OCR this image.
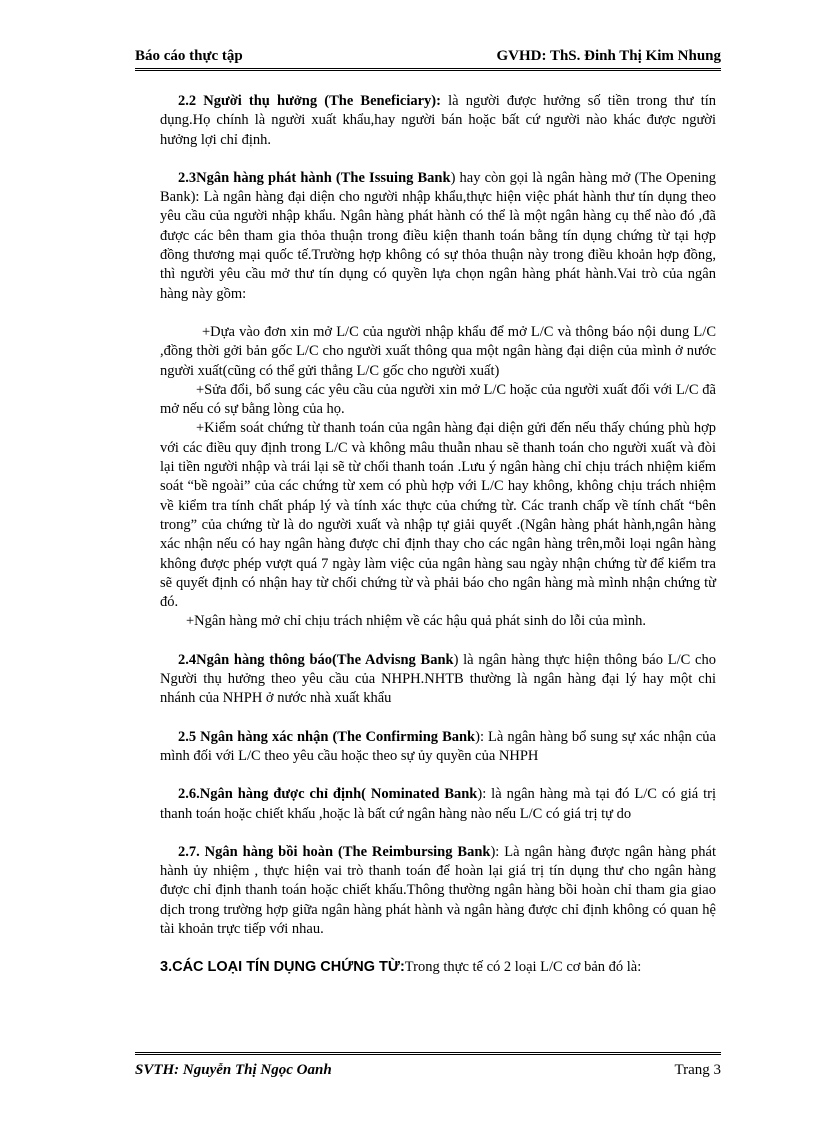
Báo cáo thực tập	GVHD: ThS. Đinh Thị Kim Nhung

2.2 Người thụ hưởng (The Beneficiary): là người được hưởng số tiền trong thư tín dụng.Họ chính là người xuất khẩu,hay người bán hoặc bất cứ người nào khác được người hưởng lợi chỉ định.

2.3Ngân hàng phát hành (The Issuing Bank) hay còn gọi là ngân hàng mở (The Opening Bank): Là ngân hàng đại diện cho người nhập khẩu,thực hiện việc phát hành thư tín dụng theo yêu cầu của người nhập khẩu. Ngân hàng phát hành có thể là một ngân hàng cụ thể nào đó ,đã được các bên tham gia thỏa thuận trong điều kiện thanh toán bằng tín dụng chứng từ tại hợp đồng thương mại quốc tế.Trường hợp không có sự thỏa thuận này trong điều khoản hợp đồng, thì người yêu cầu mở thư tín dụng có quyền lựa chọn ngân hàng phát hành.Vai trò của ngân hàng này gồm:

+Dựa vào đơn xin mở L/C của người nhập khẩu để mở L/C và thông báo nội dung L/C ,đồng thời gởi bản gốc L/C cho người xuất thông qua một ngân hàng đại diện của mình ở nước người xuất(cũng có thể gửi thẳng L/C gốc cho người xuất)

+Sửa đổi, bổ sung các yêu cầu của người xin mở L/C hoặc của người xuất đối với L/C đã mở nếu có sự bằng lòng của họ.

+Kiểm soát chứng từ thanh toán của ngân hàng đại diện gửi đến nếu thấy chúng phù hợp với các điều quy định trong L/C và không mâu thuẫn nhau sẽ thanh toán cho người xuất và đòi lại tiền người nhập và trái lại sẽ từ chối thanh toán .Lưu ý ngân hàng chỉ chịu trách nhiệm kiểm soát “bề ngoài” của các chứng từ xem có phù hợp với L/C hay không, không chịu trách nhiệm về kiểm tra tính chất pháp lý và tính xác thực của chứng từ. Các tranh chấp về tính chất “bên trong” của chứng từ là do người xuất và nhập tự giải quyết .(Ngân hàng phát hành,ngân hàng xác nhận nếu có hay ngân hàng được chỉ định thay cho các ngân hàng trên,mỗi loại ngân hàng không được phép vượt quá 7 ngày làm việc của ngân hàng sau ngày nhận chứng từ để kiểm tra sẽ quyết định có nhận hay từ chối chứng từ và phải báo cho ngân hàng mà mình nhận chứng từ đó.

+Ngân hàng mở chỉ chịu trách nhiệm về các hậu quả phát sinh do lỗi của mình.

2.4Ngân hàng thông báo(The Advisng Bank) là ngân hàng thực hiện thông báo L/C cho Người thụ hưởng theo yêu cầu của NHPH.NHTB thường là ngân hàng đại lý hay một chi nhánh của NHPH ở nước nhà xuất khẩu

2.5 Ngân hàng xác nhận (The Confirming Bank): Là ngân hàng bổ sung sự xác nhận của mình đối với L/C theo yêu cầu hoặc theo sự ủy quyền của NHPH

2.6.Ngân hàng được chỉ định( Nominated Bank): là ngân hàng mà tại đó L/C có giá trị thanh toán hoặc chiết khấu ,hoặc là bất cứ ngân hàng nào nếu L/C có giá trị tự do

2.7. Ngân hàng bồi hoàn (The Reimbursing Bank): Là ngân hàng được ngân hàng phát hành ủy nhiệm , thực hiện vai trò thanh toán để hoàn lại giá trị tín dụng thư cho ngân hàng được chỉ định thanh toán hoặc chiết khấu.Thông thường ngân hàng bồi hoàn chỉ tham gia giao dịch trong trường hợp giữa ngân hàng phát hành và ngân hàng được chỉ định không có quan hệ tài khoản trực tiếp với nhau.

3.CÁC LOẠI TÍN DỤNG CHỨNG TỪ:Trong thực tế có 2 loại L/C cơ bản đó là:

SVTH: Nguyễn Thị Ngọc Oanh	Trang 3
